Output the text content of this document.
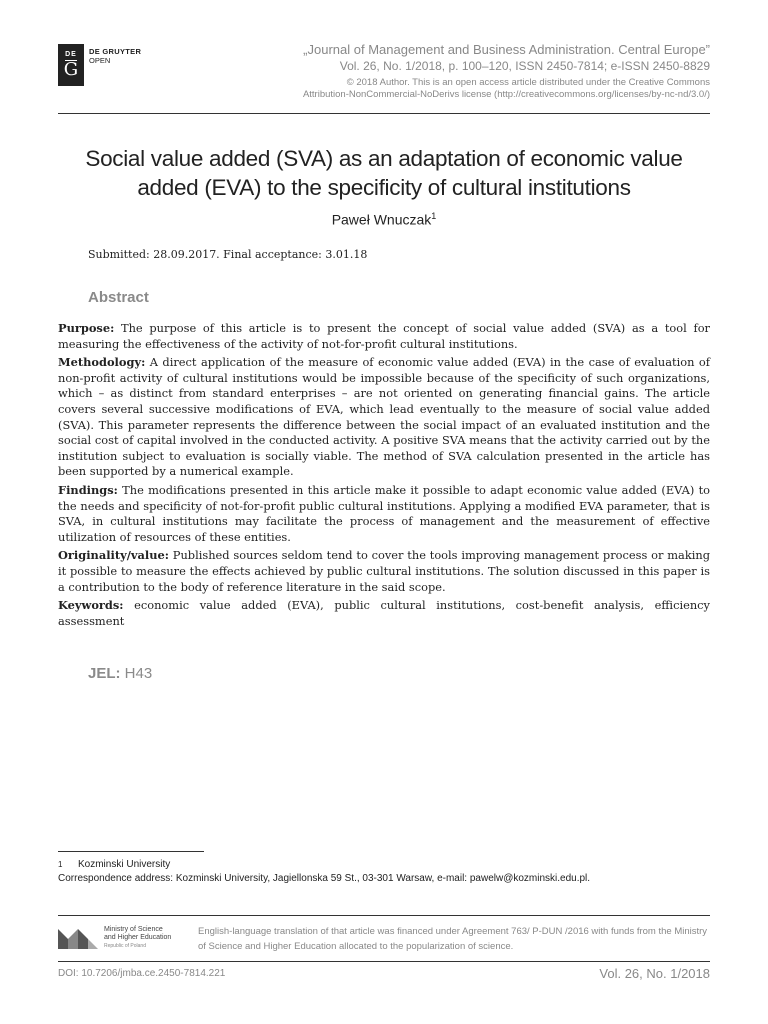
DE
G
DE GRUYTER
OPEN
„Journal of Management and Business Administration. Central Europe”
Vol. 26, No. 1/2018, p. 100–120, ISSN 2450-7814; e-ISSN 2450-8829
© 2018 Author. This is an open access article distributed under the Creative Commons
Attribution-NonCommercial-NoDerivs license (http://creativecommons.org/licenses/by-nc-nd/3.0/)
Social value added (SVA) as an adaptation of economic value
added (EVA) to the specificity of cultural institutions
Paweł Wnuczak$^1$
Submitted: 28.09.2017. Final acceptance: 3.01.18
Abstract

Purpose: The purpose of this article is to present the concept of social value added (SVA) as a tool for measuring the effectiveness of the activity of not-for-profit cultural institutions.

Methodology: A direct application of the measure of economic value added (EVA) in the case of evaluation of non-profit activity of cultural institutions would be impossible because of the specificity of such organizations, which – as distinct from standard enterprises – are not oriented on generating financial gains. The article covers several successive modifications of EVA, which lead eventually to the measure of social value added (SVA). This parameter represents the difference between the social impact of an evaluated institution and the social cost of capital involved in the conducted activity. A positive SVA means that the activity carried out by the institution subject to evaluation is socially viable. The method of SVA calculation presented in the article has been supported by a numerical example.

Findings: The modifications presented in this article make it possible to adapt economic value added (EVA) to the needs and specificity of not-for-profit public cultural institutions. Applying a modified EVA parameter, that is SVA, in cultural institutions may facilitate the process of management and the measurement of effective utilization of resources of these entities.

Originality/value: Published sources seldom tend to cover the tools improving management process or making it possible to measure the effects achieved by public cultural institutions. The solution discussed in this paper is a contribution to the body of reference literature in the said scope.

Keywords: economic value added (EVA), public cultural institutions, cost-benefit analysis, efficiency assessment

JEL: H43
1 Kozminski University
Correspondence address: Kozminski University, Jagiellonska 59 St., 03-301 Warsaw, e-mail: pawelw@kozminski.edu.pl.
Ministry of Science
and Higher Education
Republic of Poland
English-language translation of that article was financed under Agreement 763/ P-DUN /2016 with funds from the Ministry of Science and Higher Education allocated to the popularization of science.
DOI: 10.7206/jmba.ce.2450-7814.221	Vol. 26, No. 1/2018
